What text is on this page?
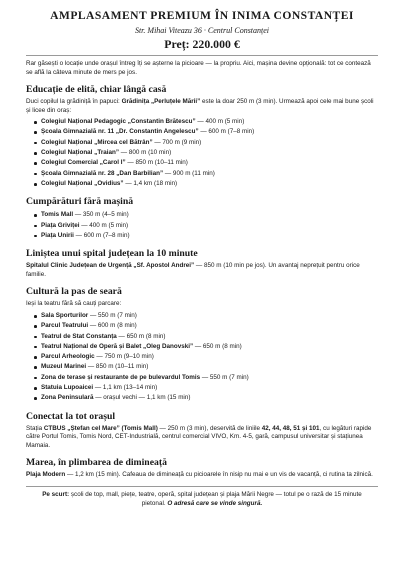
AMPLASAMENT PREMIUM ÎN INIMA CONSTANȚEI
Str. Mihai Viteazu 36 · Centrul Constanței
Preț: 220.000 €
Rar găsești o locație unde orașul întreg îți se așterne la picioare — la propriu. Aici, mașina devine opțională: tot ce contează se află la câteva minute de mers pe jos.
Educație de elită, chiar lângă casă
Duci copilul la grădiniță în papuci: Grădinița „Perluțele Mării” este la doar 250 m (3 min). Urmează apoi cele mai bune școli și licee din oraș:
Colegiul Național Pedagogic „Constantin Brătescu” — 400 m (5 min)
Școala Gimnazială nr. 11 „Dr. Constantin Angelescu” — 600 m (7–8 min)
Colegiul Național „Mircea cel Bătrân” — 700 m (9 min)
Colegiul Național „Traian” — 800 m (10 min)
Colegiul Comercial „Carol I” — 850 m (10–11 min)
Școala Gimnazială nr. 28 „Dan Barbilian” — 900 m (11 min)
Colegiul Național „Ovidius” — 1,4 km (18 min)
Cumpărături fără mașină
Tomis Mall — 350 m (4–5 min)
Piața Griviței — 400 m (5 min)
Piața Unirii — 600 m (7–8 min)
Liniștea unui spital județean la 10 minute
Spitalul Clinic Județean de Urgență „Sf. Apostol Andrei” — 850 m (10 min pe jos). Un avantaj neprețuit pentru orice familie.
Cultură la pas de seară
Ieși la teatru fără să cauți parcare:
Sala Sporturilor — 550 m (7 min)
Parcul Teatrului — 600 m (8 min)
Teatrul de Stat Constanța — 650 m (8 min)
Teatrul Național de Operă și Balet „Oleg Danovski” — 650 m (8 min)
Parcul Arheologic — 750 m (9–10 min)
Muzeul Marinei — 850 m (10–11 min)
Zona de terase și restaurante de pe bulevardul Tomis — 550 m (7 min)
Statuia Lupoaicei — 1,1 km (13–14 min)
Zona Peninsulară — orașul vechi — 1,1 km (15 min)
Conectat la tot orașul
Stația CTBUS „Ștefan cel Mare” (Tomis Mall) — 250 m (3 min), deservită de liniile 42, 44, 48, 51 și 101, cu legături rapide către Portul Tomis, Tomis Nord, CET-Industrială, centrul comercial VIVO, Km. 4-5, gară, campusul universitar și stațiunea Mamaia.
Marea, în plimbarea de dimineață
Plaja Modern — 1,2 km (15 min). Cafeaua de dimineață cu picioarele în nisip nu mai e un vis de vacanță, ci rutina ta zilnică.
Pe scurt: școli de top, mall, piețe, teatre, operă, spital județean și plaja Mării Negre — totul pe o rază de 15 minute pietonal. O adresă care se vinde singură.
